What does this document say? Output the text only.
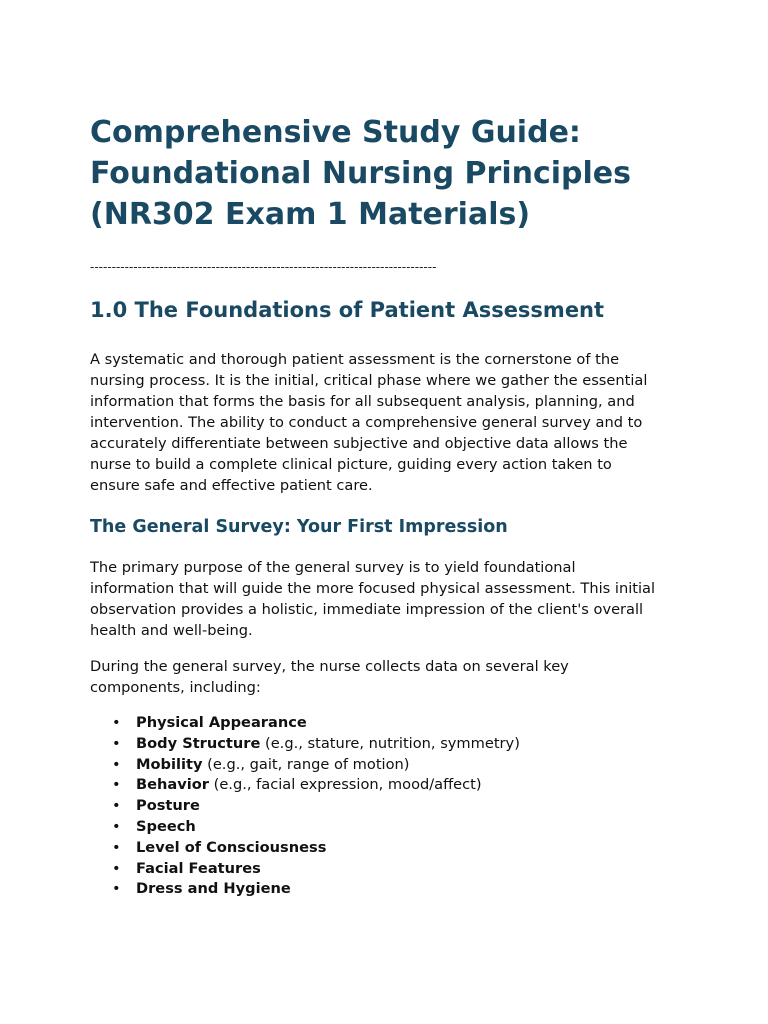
Comprehensive Study Guide:
Foundational Nursing Principles
(NR302 Exam 1 Materials)

--------------------------------------------------------------------------------

1.0 The Foundations of Patient Assessment

A systematic and thorough patient assessment is the cornerstone of the
nursing process. It is the initial, critical phase where we gather the essential
information that forms the basis for all subsequent analysis, planning, and
intervention. The ability to conduct a comprehensive general survey and to
accurately differentiate between subjective and objective data allows the
nurse to build a complete clinical picture, guiding every action taken to
ensure safe and effective patient care.

The General Survey: Your First Impression

The primary purpose of the general survey is to yield foundational
information that will guide the more focused physical assessment. This initial
observation provides a holistic, immediate impression of the client's overall
health and well-being.

During the general survey, the nurse collects data on several key
components, including:

• Physical Appearance
• Body Structure (e.g., stature, nutrition, symmetry)
• Mobility (e.g., gait, range of motion)
• Behavior (e.g., facial expression, mood/affect)
• Posture
• Speech
• Level of Consciousness
• Facial Features
• Dress and Hygiene
